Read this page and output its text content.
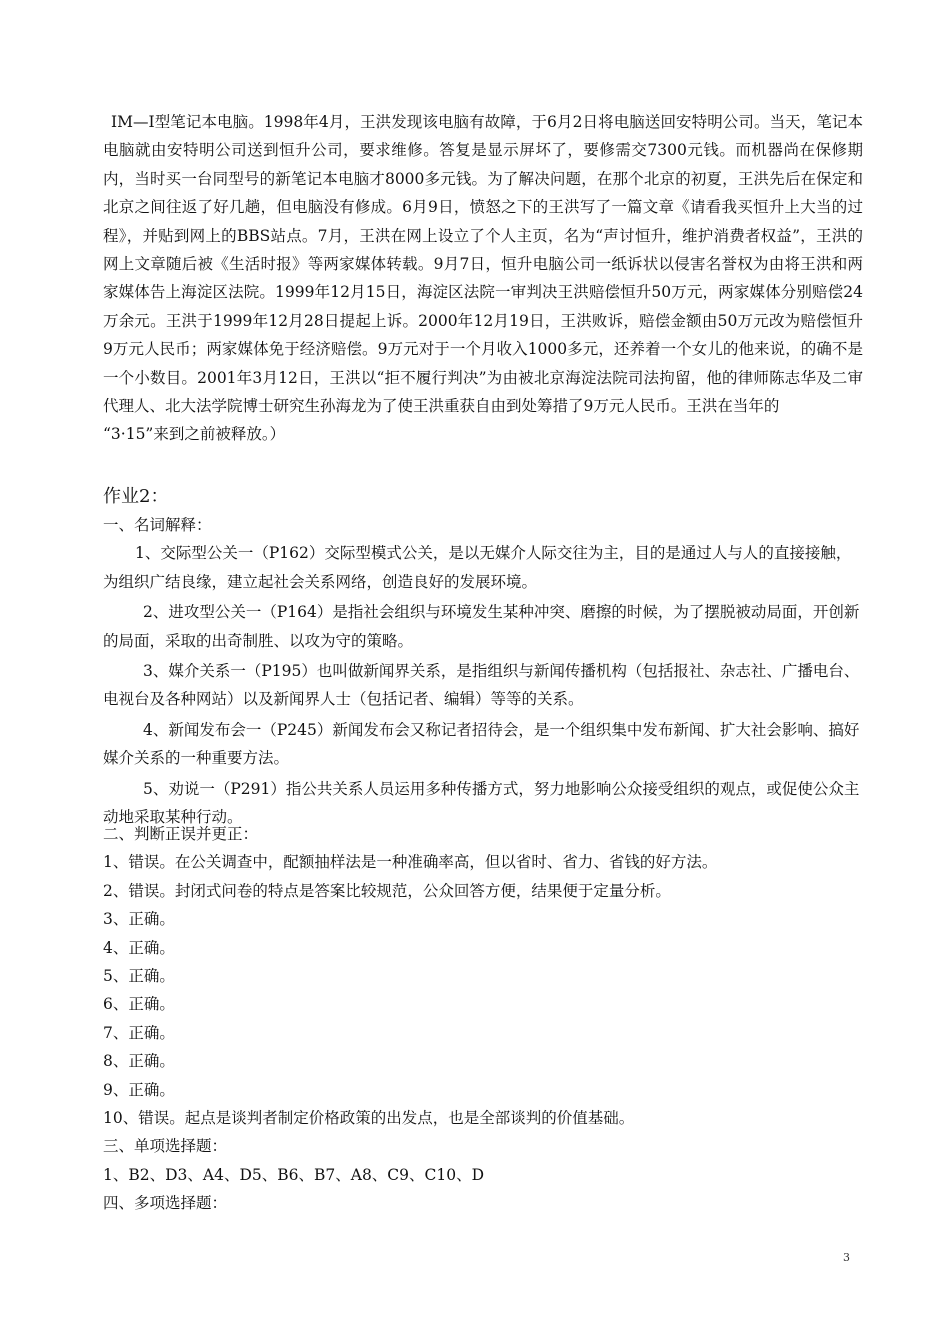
IM—I型笔记本电脑。1998年4月，王洪发现该电脑有故障，于6月2日将电脑送回安特明公司。当天，笔记本电脑就由安特明公司送到恒升公司，要求维修。答复是显示屏坏了，要修需交7300元钱。而机器尚在保修期内，当时买一台同型号的新笔记本电脑才8000多元钱。为了解决问题，在那个北京的初夏，王洪先后在保定和北京之间往返了好几趟，但电脑没有修成。6月9日，愤怒之下的王洪写了一篇文章《请看我买恒升上大当的过程》，并贴到网上的BBS站点。7月，王洪在网上设立了个人主页，名为“声讨恒升，维护消费者权益”，王洪的网上文章随后被《生活时报》等两家媒体转载。9月7日，恒升电脑公司一纸诉状以侵害名誉权为由将王洪和两家媒体告上海淀区法院。1999年12月15日，海淀区法院一审判决王洪赔偿恒升50万元，两家媒体分别赔偿24万余元。王洪于1999年12月28日提起上诉。2000年12月19日，王洪败诉，赔偿金额由50万元改为赔偿恒升9万元人民币；两家媒体免于经济赔偿。9万元对于一个月收入1000多元，还养着一个女儿的他来说，的确不是一个小数目。2001年3月12日，王洪以“拒不履行判决”为由被北京海淀法院司法拘留，他的律师陈志华及二审代理人、北大法学院博士研究生孙海龙为了使王洪重获自由到处筹措了9万元人民币。王洪在当年的

“3·15”来到之前被释放。）

作业2：

一、名词解释：

1、交际型公关一（P162）交际型模式公关，是以无媒介人际交往为主，目的是通过人与人的直接接触，为组织广结良缘，建立起社会关系网络，创造良好的发展环境。

2、进攻型公关一（P164）是指社会组织与环境发生某种冲突、磨擦的时候，为了摆脱被动局面，开创新的局面，采取的出奇制胜、以攻为守的策略。

3、媒介关系一（P195）也叫做新闻界关系，是指组织与新闻传播机构（包括报社、杂志社、广播电台、电视台及各种网站）以及新闻界人士（包括记者、编辑）等等的关系。

4、新闻发布会一（P245）新闻发布会又称记者招待会，是一个组织集中发布新闻、扩大社会影响、搞好媒介关系的一种重要方法。

5、劝说一（P291）指公共关系人员运用多种传播方式，努力地影响公众接受组织的观点，或促使公众主动地采取某种行动。

二、判断正误并更正：

1、错误。在公关调查中，配额抽样法是一种准确率高，但以省时、省力、省钱的好方法。

2、错误。封闭式问卷的特点是答案比较规范，公众回答方便，结果便于定量分析。

3、正确。

4、正确。

5、正确。

6、正确。

7、正确。

8、正确。

9、正确。

10、错误。起点是谈判者制定价格政策的出发点，也是全部谈判的价值基础。

三、单项选择题：

1、B2、D3、A4、D5、B6、B7、A8、C9、C10、D

四、多项选择题：

3
